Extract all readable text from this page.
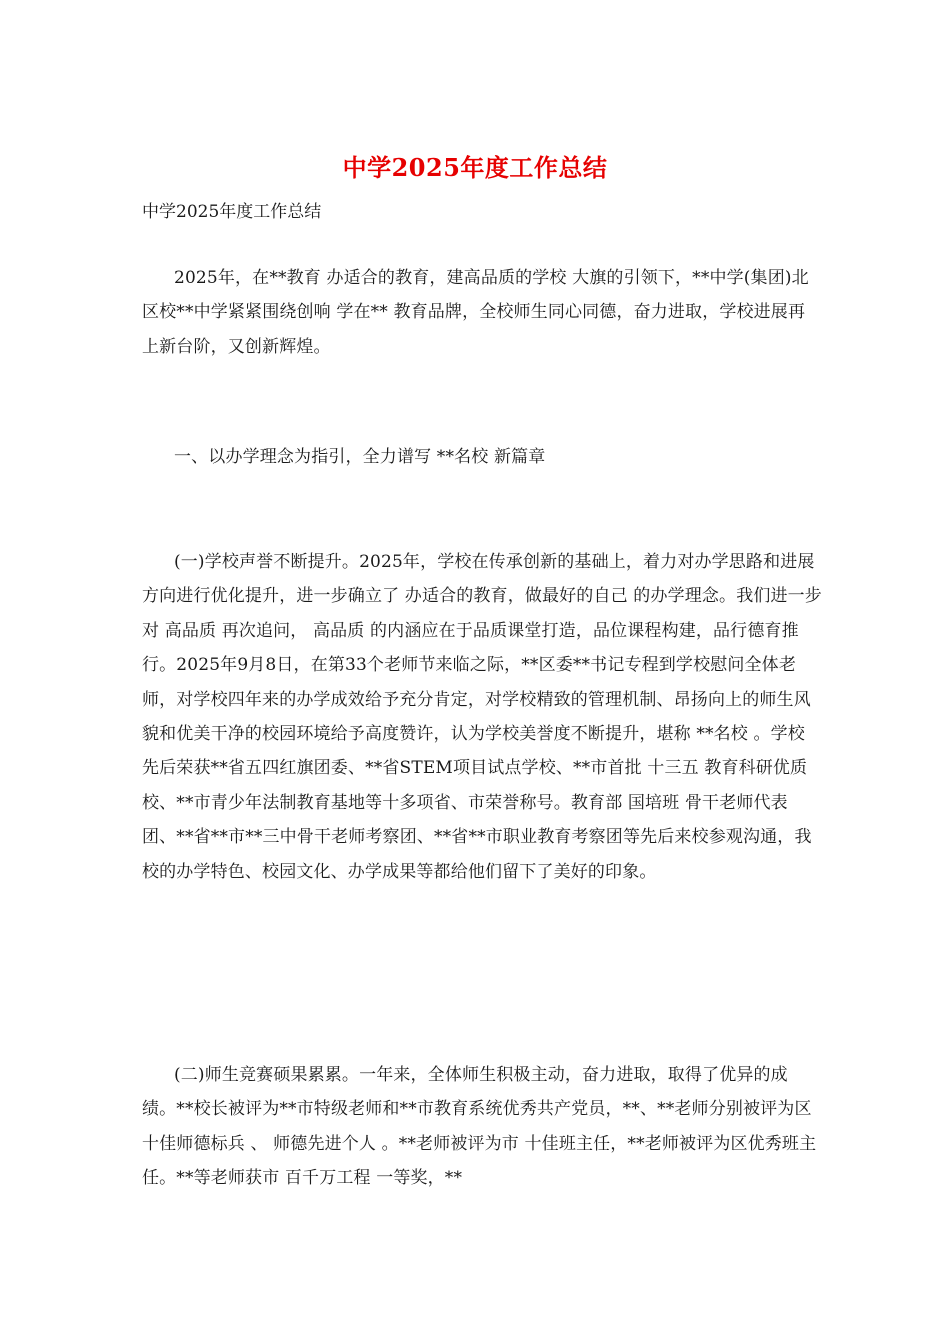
中学2025年度工作总结
中学2025年度工作总结
2025年，在**教育 办适合的教育，建高品质的学校 大旗的引领下，**中学(集团)北区校**中学紧紧围绕创响 学在** 教育品牌，全校师生同心同德，奋力进取，学校进展再上新台阶，又创新辉煌。
一、以办学理念为指引，全力谱写 **名校 新篇章
(一)学校声誉不断提升。2025年，学校在传承创新的基础上，着力对办学思路和进展方向进行优化提升，进一步确立了 办适合的教育，做最好的自己 的办学理念。我们进一步对 高品质 再次追问， 高品质 的内涵应在于品质课堂打造，品位课程构建，品行德育推行。2025年9月8日，在第33个老师节来临之际，**区委**书记专程到学校慰问全体老师，对学校四年来的办学成效给予充分肯定，对学校精致的管理机制、昂扬向上的师生风貌和优美干净的校园环境给予高度赞许，认为学校美誉度不断提升，堪称 **名校 。学校先后荣获**省五四红旗团委、**省STEM项目试点学校、**市首批 十三五 教育科研优质校、**市青少年法制教育基地等十多项省、市荣誉称号。教育部 国培班 骨干老师代表团、**省**市**三中骨干老师考察团、**省**市职业教育考察团等先后来校参观沟通，我校的办学特色、校园文化、办学成果等都给他们留下了美好的印象。
(二)师生竞赛硕果累累。一年来，全体师生积极主动，奋力进取，取得了优异的成绩。**校长被评为**市特级老师和**市教育系统优秀共产党员，**、**老师分别被评为区 十佳师德标兵 、 师德先进个人 。**老师被评为市 十佳班主任，**老师被评为区优秀班主任。**等老师获市 百千万工程 一等奖，**
